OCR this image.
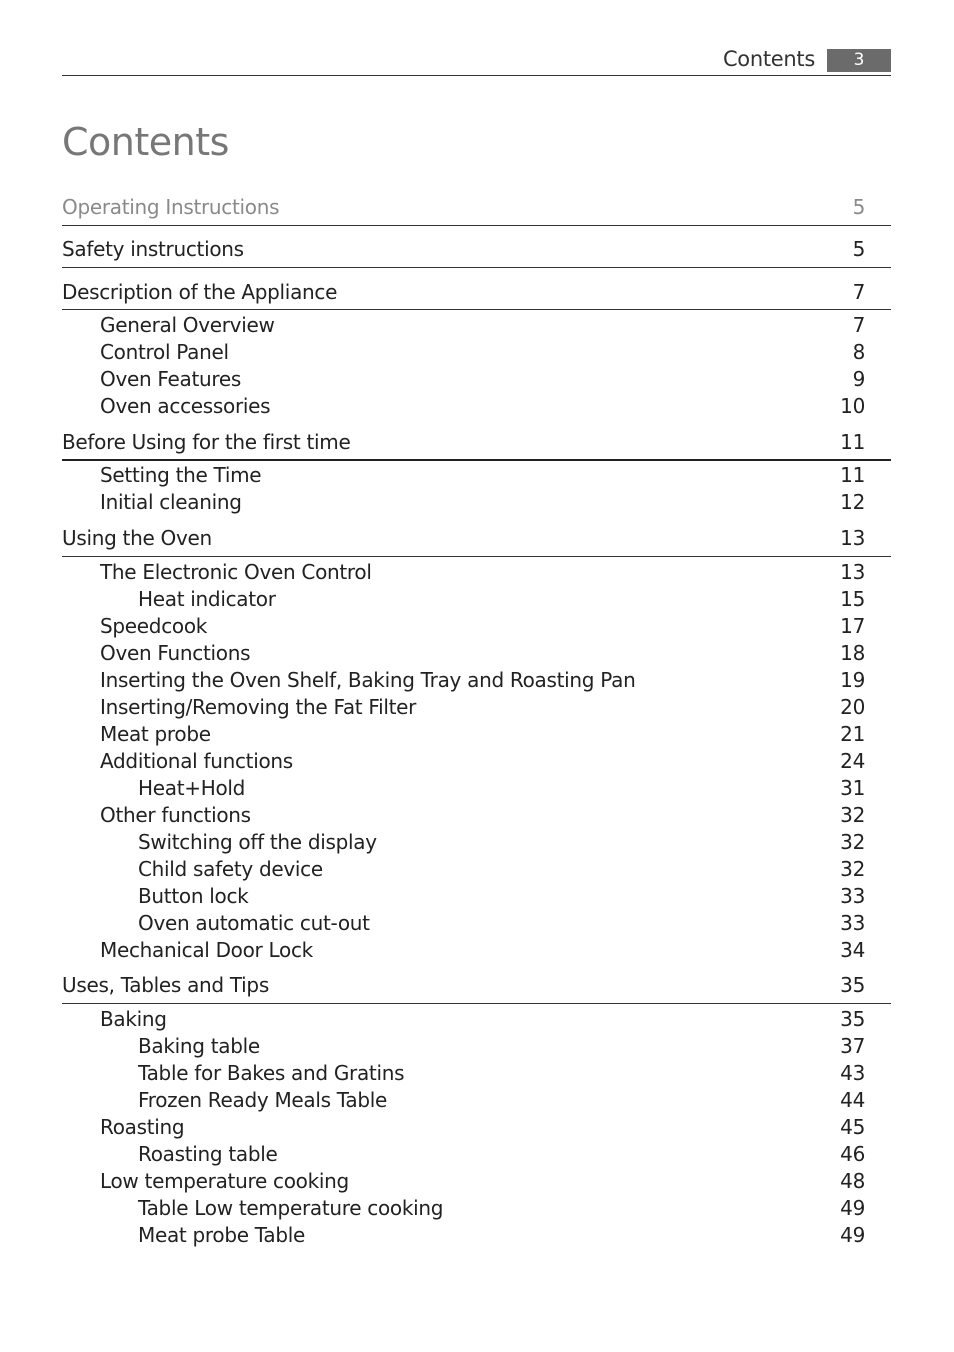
Contents	3
Contents
Operating Instructions	5
Safety instructions	5
Description of the Appliance	7
General Overview	7
Control Panel	8
Oven Features	9
Oven accessories	10
Before Using for the first time	11
Setting the Time	11
Initial cleaning	12
Using the Oven	13
The Electronic Oven Control	13
Heat indicator	15
Speedcook	17
Oven Functions	18
Inserting the Oven Shelf, Baking Tray and Roasting Pan	19
Inserting/Removing the Fat Filter	20
Meat probe	21
Additional functions	24
Heat+Hold	31
Other functions	32
Switching off the display	32
Child safety device	32
Button lock	33
Oven automatic cut-out	33
Mechanical Door Lock	34
Uses, Tables and Tips	35
Baking	35
Baking table	37
Table for Bakes and Gratins	43
Frozen Ready Meals Table	44
Roasting	45
Roasting table	46
Low temperature cooking	48
Table Low temperature cooking	49
Meat probe Table	49
